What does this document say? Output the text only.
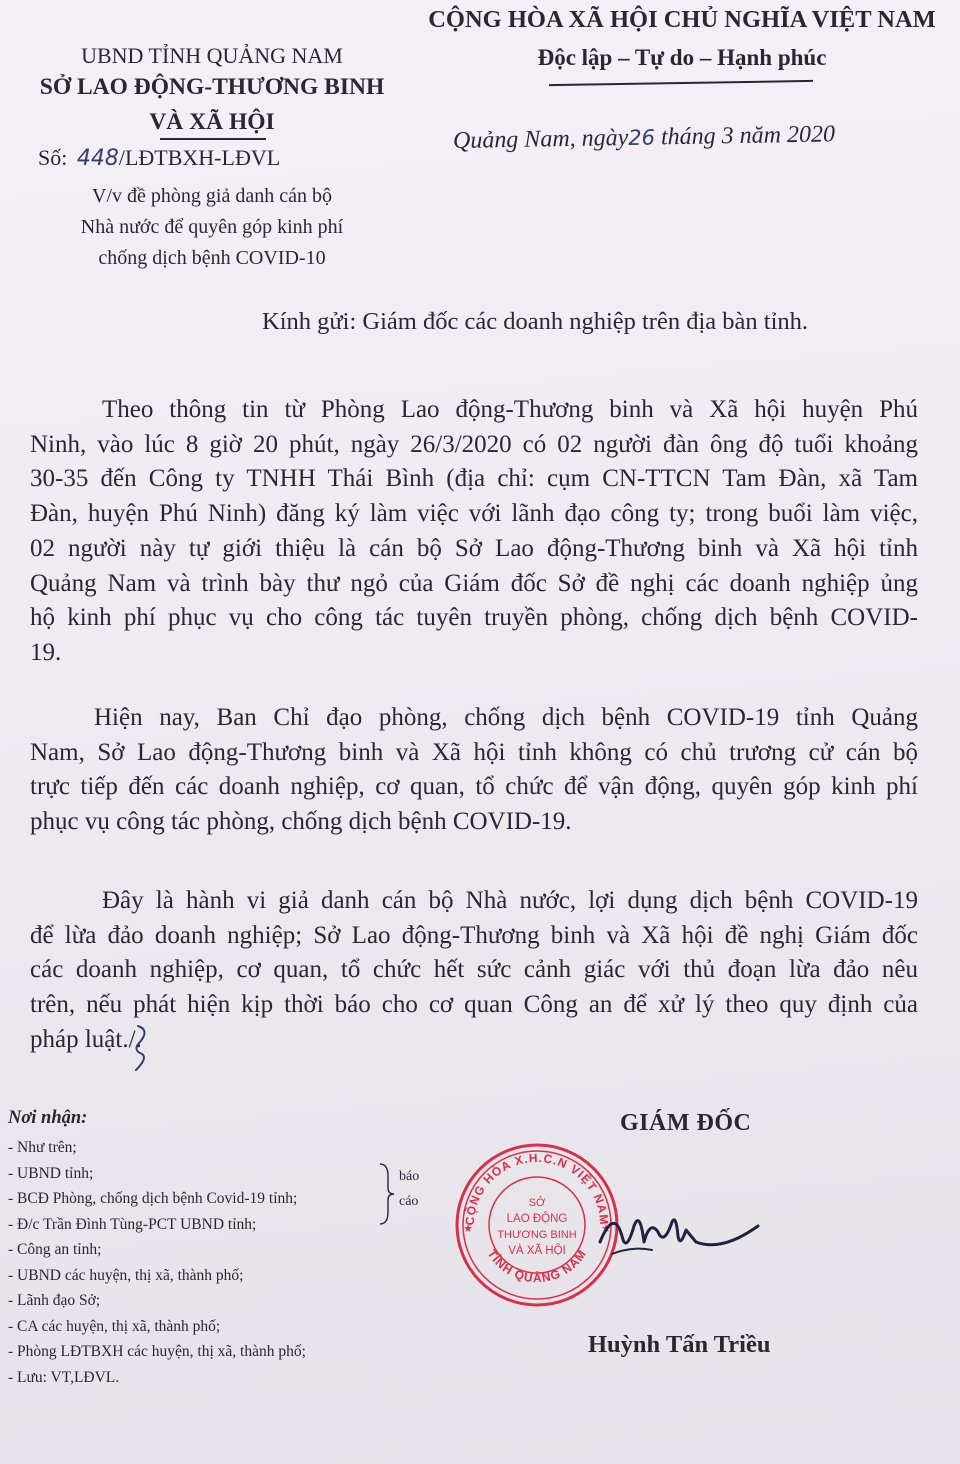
UBND TỈNH QUẢNG NAM
SỞ LAO ĐỘNG-THƯƠNG BINH
VÀ XÃ HỘI
Số: 448/LĐTBXH-LĐVL
V/v đề phòng giả danh cán bộ
Nhà nước để quyên góp kinh phí
chống dịch bệnh COVID-10
CỘNG HÒA XÃ HỘI CHỦ NGHĨA VIỆT NAM
Độc lập – Tự do – Hạnh phúc
Quảng Nam, ngày26 tháng 3 năm 2020
Kính gửi: Giám đốc các doanh nghiệp trên địa bàn tỉnh.
Theo thông tin từ Phòng Lao động-Thương binh và Xã hội huyện Phú
Ninh, vào lúc 8 giờ 20 phút, ngày 26/3/2020 có 02 người đàn ông độ tuổi khoảng
30-35 đến Công ty TNHH Thái Bình (địa chỉ: cụm CN-TTCN Tam Đàn, xã Tam
Đàn, huyện Phú Ninh) đăng ký làm việc với lãnh đạo công ty; trong buổi làm việc,
02 người này tự giới thiệu là cán bộ Sở Lao động-Thương binh và Xã hội tỉnh
Quảng Nam và trình bày thư ngỏ của Giám đốc Sở đề nghị các doanh nghiệp ủng
hộ kinh phí phục vụ cho công tác tuyên truyền phòng, chống dịch bệnh COVID-
19.
Hiện nay, Ban Chỉ đạo phòng, chống dịch bệnh COVID-19 tỉnh Quảng
Nam, Sở Lao động-Thương binh và Xã hội tỉnh không có chủ trương cử cán bộ
trực tiếp đến các doanh nghiệp, cơ quan, tổ chức để vận động, quyên góp kinh phí
phục vụ công tác phòng, chống dịch bệnh COVID-19.
Đây là hành vi giả danh cán bộ Nhà nước, lợi dụng dịch bệnh COVID-19
để lừa đảo doanh nghiệp; Sở Lao động-Thương binh và Xã hội đề nghị Giám đốc
các doanh nghiệp, cơ quan, tổ chức hết sức cảnh giác với thủ đoạn lừa đảo nêu
trên, nếu phát hiện kịp thời báo cho cơ quan Công an để xử lý theo quy định của
pháp luật./.
Nơi nhận:
- Như trên;
- UBND tỉnh;
- BCĐ Phòng, chống dịch bệnh Covid-19 tỉnh;
- Đ/c Trần Đình Tùng-PCT UBND tỉnh;
- Công an tỉnh;
- UBND các huyện, thị xã, thành phố;
- Lãnh đạo Sở;
- CA các huyện, thị xã, thành phố;
- Phòng LĐTBXH các huyện, thị xã, thành phố;
- Lưu: VT,LĐVL.
báo
cáo
GIÁM ĐỐC
CỘNG HÒA X.H.C.N VIỆT NAM
TỈNH QUẢNG NAM
SỞ
LAO ĐỘNG
THƯƠNG BINH
VÀ XÃ HỘI
★	★
Huỳnh Tấn Triều
